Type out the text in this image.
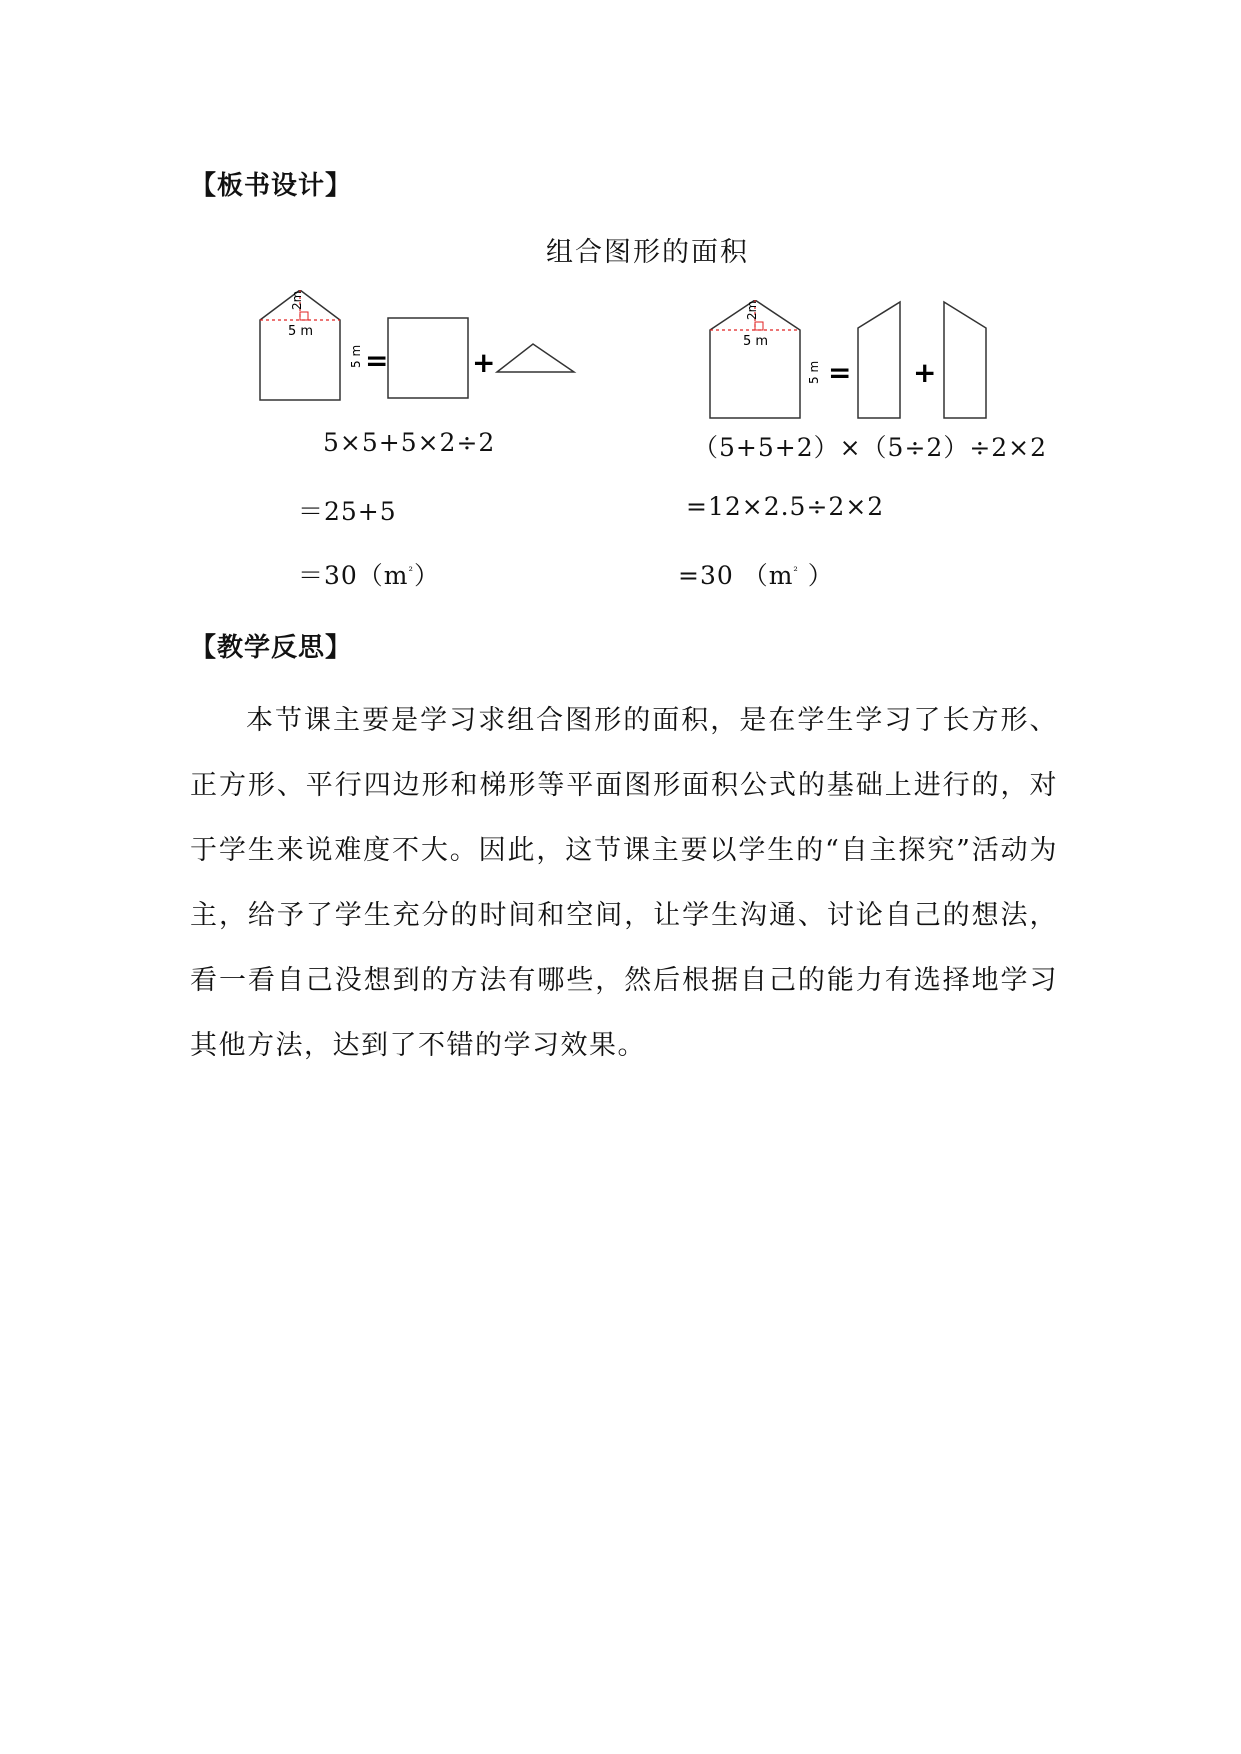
【板书设计】
组合图形的面积
2m
5 m
5 m =	+
2m
5 m
5 m = +
5×5+5×2÷2
＝25+5
$=30(m^{^2})$
（5+5+2）×（5÷2）÷2×2
=12×2.5÷2×2
=30 （$m^{^2}$ ）
【教学反思】

本节课主要是学习求组合图形的面积，是在学生学习了长方形、正方形、平行四边形和梯形等平面图形面积公式的基础上进行的，对于学生来说难度不大。因此，这节课主要以学生的“自主探究”活动为主，给予了学生充分的时间和空间，让学生沟通、讨论自己的想法，看一看自己没想到的方法有哪些，然后根据自己的能力有选择地学习其他方法，达到了不错的学习效果。
